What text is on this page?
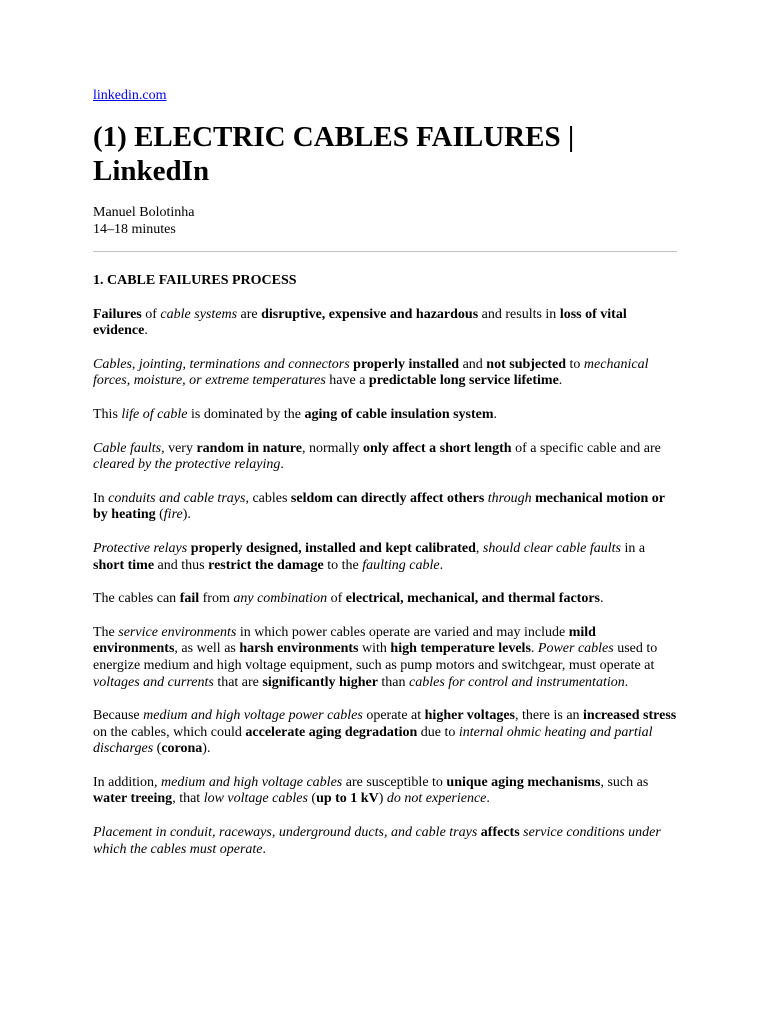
linkedin.com
(1) ELECTRIC CABLES FAILURES | LinkedIn
Manuel Bolotinha
14–18 minutes
1. CABLE FAILURES PROCESS

Failures of cable systems are disruptive, expensive and hazardous and results in loss of vital evidence.

Cables, jointing, terminations and connectors properly installed and not subjected to mechanical forces, moisture, or extreme temperatures have a predictable long service lifetime.

This life of cable is dominated by the aging of cable insulation system.

Cable faults, very random in nature, normally only affect a short length of a specific cable and are cleared by the protective relaying.

In conduits and cable trays, cables seldom can directly affect others through mechanical motion or by heating (fire).

Protective relays properly designed, installed and kept calibrated, should clear cable faults in a short time and thus restrict the damage to the faulting cable.

The cables can fail from any combination of electrical, mechanical, and thermal factors.

The service environments in which power cables operate are varied and may include mild environments, as well as harsh environments with high temperature levels. Power cables used to energize medium and high voltage equipment, such as pump motors and switchgear, must operate at voltages and currents that are significantly higher than cables for control and instrumentation.

Because medium and high voltage power cables operate at higher voltages, there is an increased stress on the cables, which could accelerate aging degradation due to internal ohmic heating and partial discharges (corona).

In addition, medium and high voltage cables are susceptible to unique aging mechanisms, such as water treeing, that low voltage cables (up to 1 kV) do not experience.

Placement in conduit, raceways, underground ducts, and cable trays affects service conditions under which the cables must operate.
